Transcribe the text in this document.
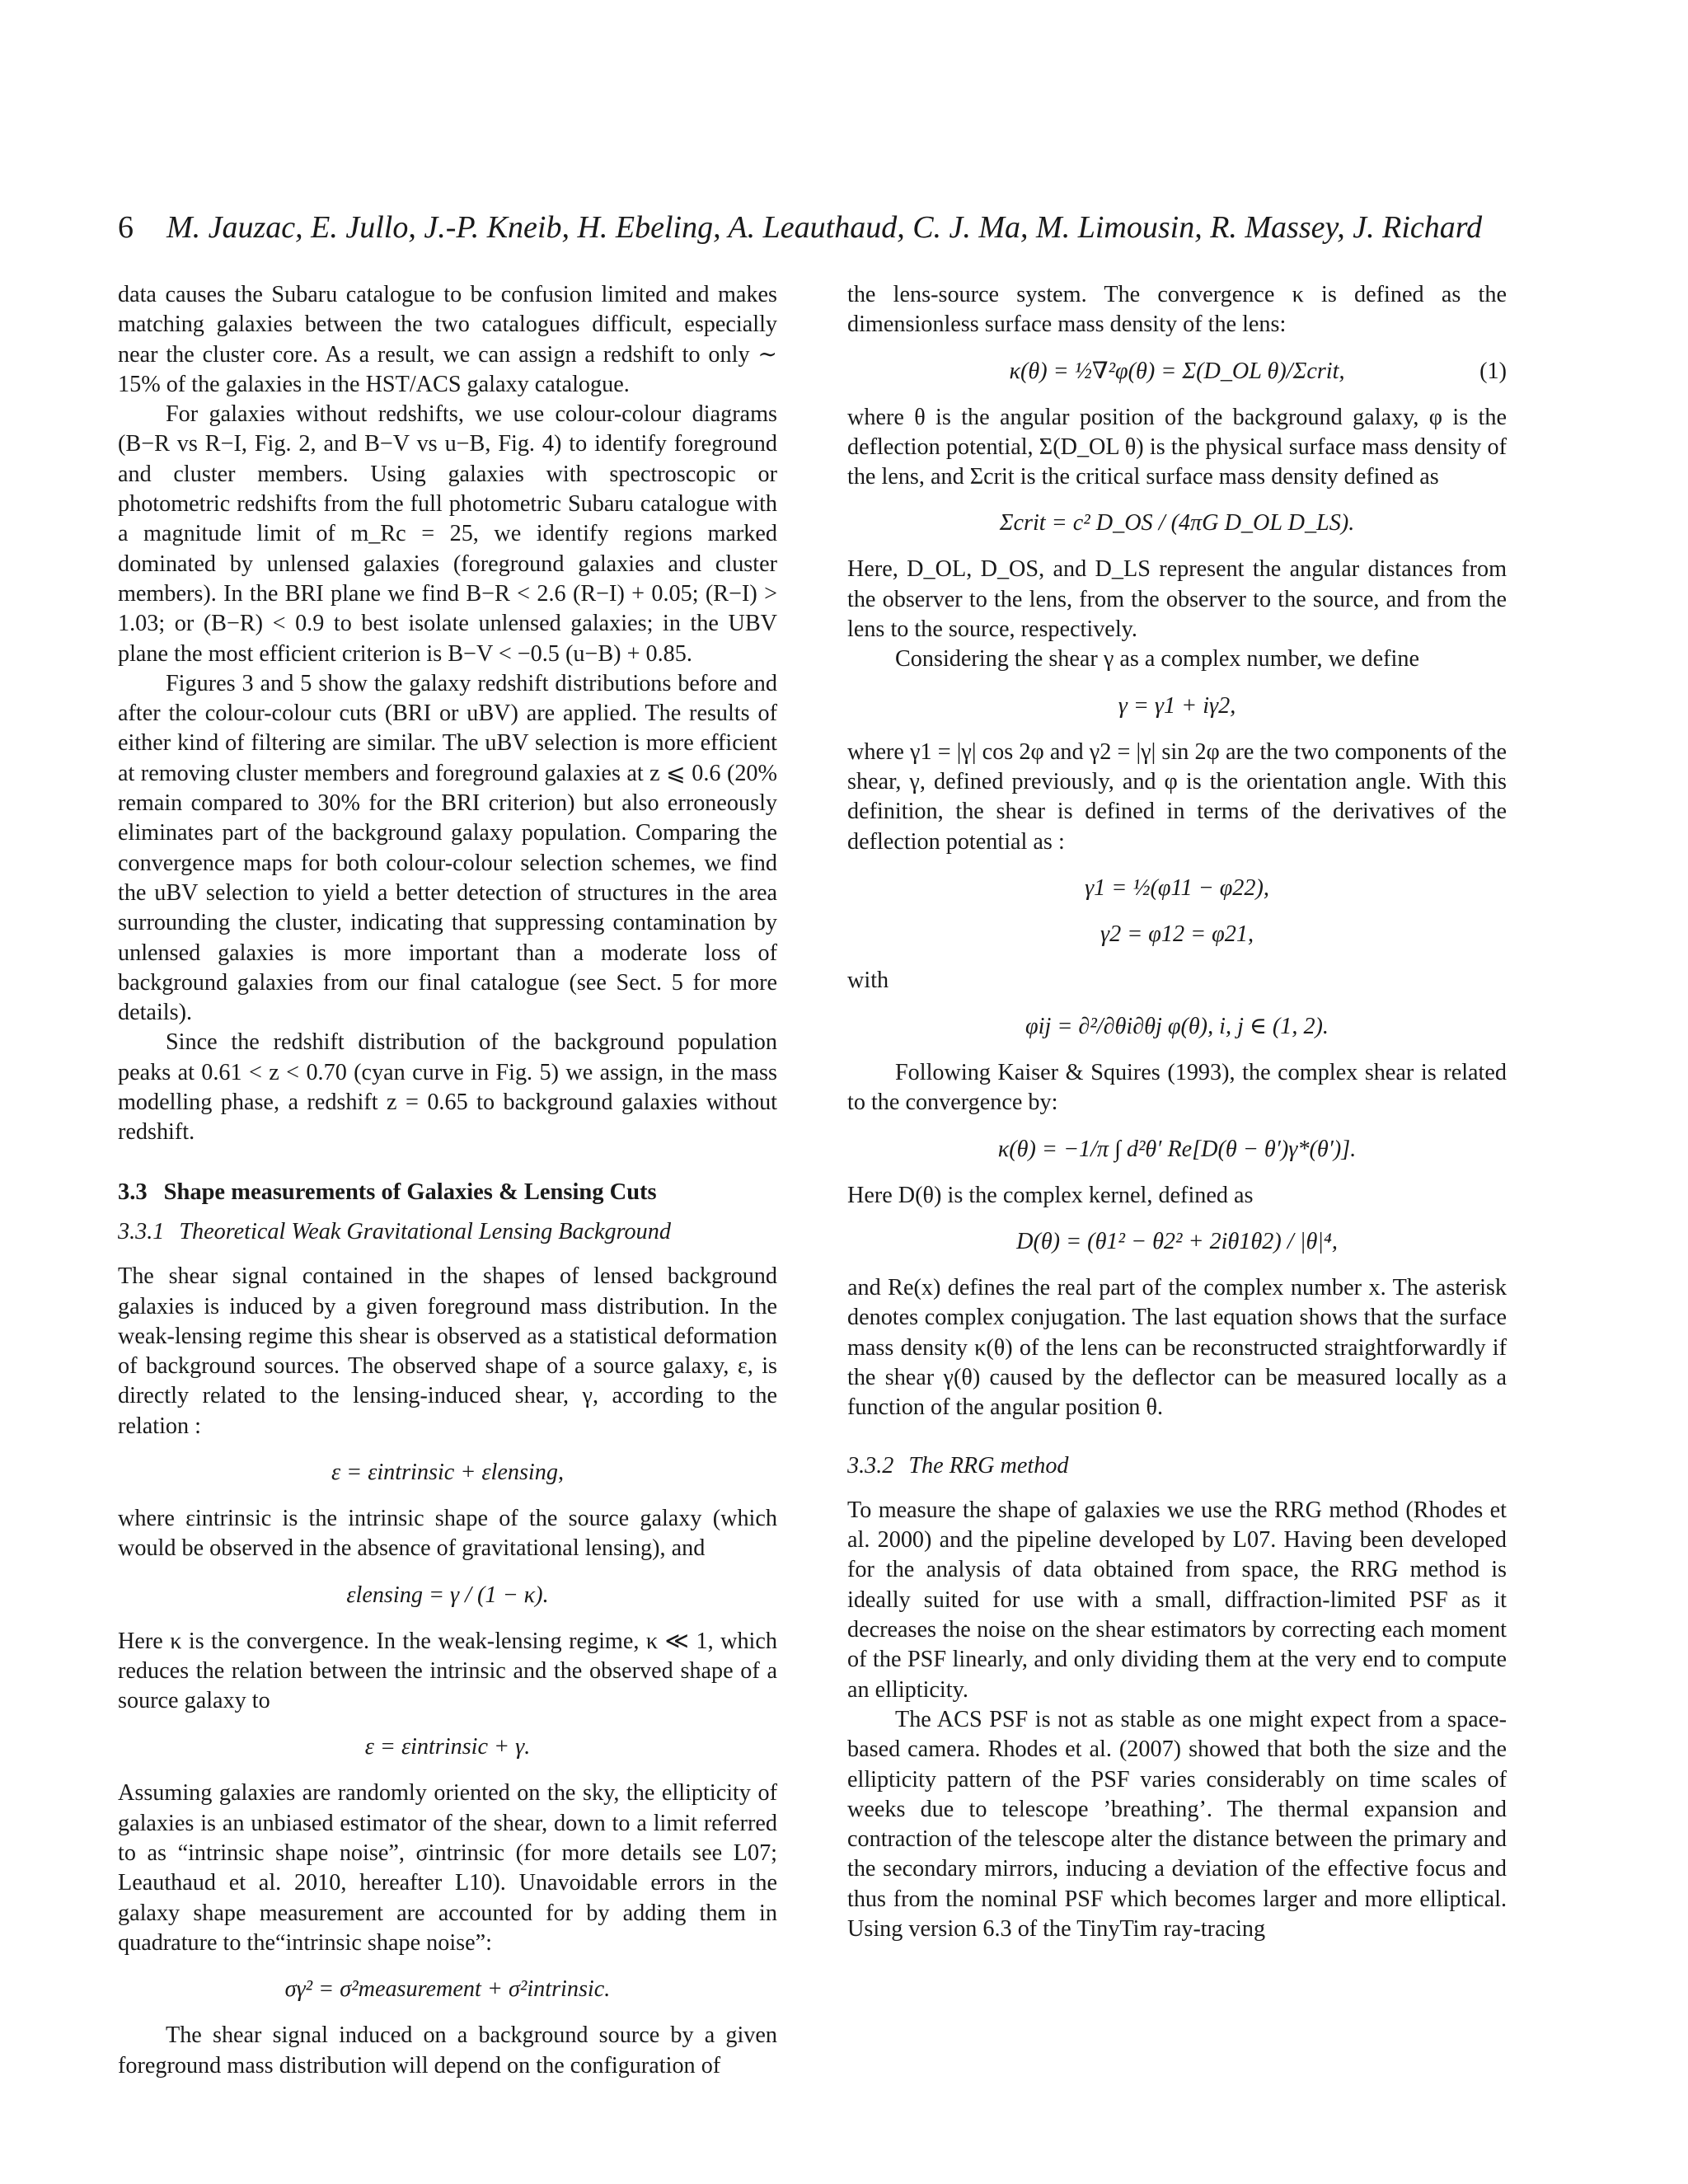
6 M. Jauzac, E. Jullo, J.-P. Kneib, H. Ebeling, A. Leauthaud, C. J. Ma, M. Limousin, R. Massey, J. Richard

data causes the Subaru catalogue to be confusion limited and makes matching galaxies between the two catalogues difficult, especially near the cluster core. As a result, we can assign a redshift to only ∼ 15% of the galaxies in the HST/ACS galaxy catalogue.

For galaxies without redshifts, we use colour-colour diagrams (B−R vs R−I, Fig. 2, and B−V vs u−B, Fig. 4) to identify foreground and cluster members. Using galaxies with spectroscopic or photometric redshifts from the full photometric Subaru catalogue with a magnitude limit of m_Rc = 25, we identify regions marked dominated by unlensed galaxies (foreground galaxies and cluster members). In the BRI plane we find B−R < 2.6 (R−I) + 0.05; (R−I) > 1.03; or (B−R) < 0.9 to best isolate unlensed galaxies; in the UBV plane the most efficient criterion is B−V < −0.5 (u−B) + 0.85.

Figures 3 and 5 show the galaxy redshift distributions before and after the colour-colour cuts (BRI or uBV) are applied. The results of either kind of filtering are similar. The uBV selection is more efficient at removing cluster members and foreground galaxies at z ⩽ 0.6 (20% remain compared to 30% for the BRI criterion) but also erroneously eliminates part of the background galaxy population. Comparing the convergence maps for both colour-colour selection schemes, we find the uBV selection to yield a better detection of structures in the area surrounding the cluster, indicating that suppressing contamination by unlensed galaxies is more important than a moderate loss of background galaxies from our final catalogue (see Sect. 5 for more details).

Since the redshift distribution of the background population peaks at 0.61 < z < 0.70 (cyan curve in Fig. 5) we assign, in the mass modelling phase, a redshift z = 0.65 to background galaxies without redshift.

3.3 Shape measurements of Galaxies & Lensing Cuts

3.3.1 Theoretical Weak Gravitational Lensing Background

The shear signal contained in the shapes of lensed background galaxies is induced by a given foreground mass distribution. In the weak-lensing regime this shear is observed as a statistical deformation of background sources. The observed shape of a source galaxy, ε, is directly related to the lensing-induced shear, γ, according to the relation :

ε = εintrinsic + εlensing,

where εintrinsic is the intrinsic shape of the source galaxy (which would be observed in the absence of gravitational lensing), and

εlensing = γ / (1 − κ).

Here κ is the convergence. In the weak-lensing regime, κ ≪ 1, which reduces the relation between the intrinsic and the observed shape of a source galaxy to

ε = εintrinsic + γ.

Assuming galaxies are randomly oriented on the sky, the ellipticity of galaxies is an unbiased estimator of the shear, down to a limit referred to as “intrinsic shape noise”, σintrinsic (for more details see L07; Leauthaud et al. 2010, hereafter L10). Unavoidable errors in the galaxy shape measurement are accounted for by adding them in quadrature to the“intrinsic shape noise”:

σγ² = σ²measurement + σ²intrinsic.

The shear signal induced on a background source by a given foreground mass distribution will depend on the configuration of

the lens-source system. The convergence κ is defined as the dimensionless surface mass density of the lens:

κ(θ) = ½∇²φ(θ) = Σ(D_OL θ)/Σcrit,	(1)

where θ is the angular position of the background galaxy, φ is the deflection potential, Σ(D_OL θ) is the physical surface mass density of the lens, and Σcrit is the critical surface mass density defined as

Σcrit = c² D_OS / (4πG D_OL D_LS).

Here, D_OL, D_OS, and D_LS represent the angular distances from the observer to the lens, from the observer to the source, and from the lens to the source, respectively.

Considering the shear γ as a complex number, we define

γ = γ1 + iγ2,

where γ1 = |γ| cos 2φ and γ2 = |γ| sin 2φ are the two components of the shear, γ, defined previously, and φ is the orientation angle. With this definition, the shear is defined in terms of the derivatives of the deflection potential as :

γ1 = ½(φ11 − φ22),
γ2 = φ12 = φ21,

with

φij = ∂²/∂θi∂θj φ(θ), i, j ∈ (1, 2).

Following Kaiser & Squires (1993), the complex shear is related to the convergence by:

κ(θ) = −1/π ∫ d²θ′ Re[D(θ − θ′)γ*(θ′)].

Here D(θ) is the complex kernel, defined as

D(θ) = (θ1² − θ2² + 2iθ1θ2) / |θ|⁴,

and Re(x) defines the real part of the complex number x. The asterisk denotes complex conjugation. The last equation shows that the surface mass density κ(θ) of the lens can be reconstructed straightforwardly if the shear γ(θ) caused by the deflector can be measured locally as a function of the angular position θ.

3.3.2 The RRG method

To measure the shape of galaxies we use the RRG method (Rhodes et al. 2000) and the pipeline developed by L07. Having been developed for the analysis of data obtained from space, the RRG method is ideally suited for use with a small, diffraction-limited PSF as it decreases the noise on the shear estimators by correcting each moment of the PSF linearly, and only dividing them at the very end to compute an ellipticity.

The ACS PSF is not as stable as one might expect from a space-based camera. Rhodes et al. (2007) showed that both the size and the ellipticity pattern of the PSF varies considerably on time scales of weeks due to telescope ’breathing’. The thermal expansion and contraction of the telescope alter the distance between the primary and the secondary mirrors, inducing a deviation of the effective focus and thus from the nominal PSF which becomes larger and more elliptical. Using version 6.3 of the TinyTim ray-tracing
